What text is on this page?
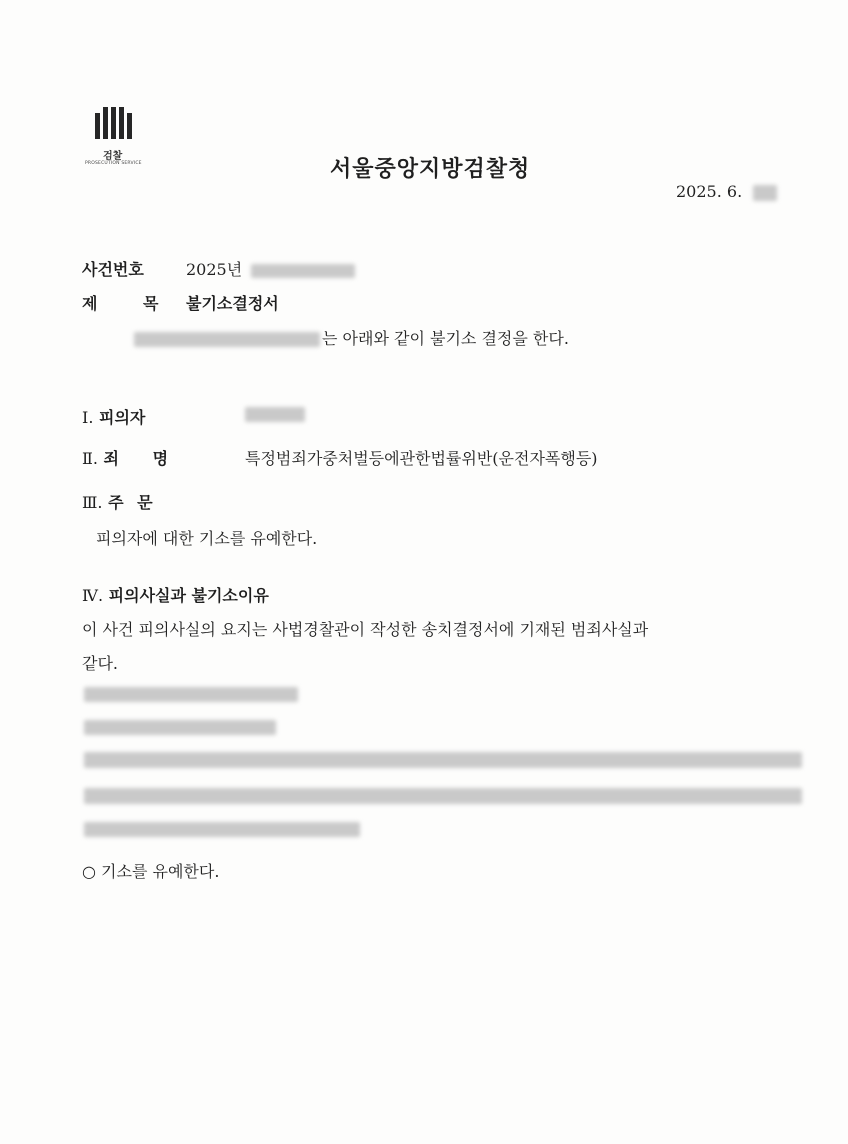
검찰
PROSECUTION SERVICE	서울중앙지방검찰청
2025. 6.
사건번호	2025년
제 목 불기소결정서
는 아래와 같이 불기소 결정을 한다.
Ⅰ. 피의자
Ⅱ. 죄 명	특정범죄가중처벌등에관한법률위반(운전자폭행등)
Ⅲ. 주 문
피의자에 대한 기소를 유예한다.
Ⅳ. 피의사실과 불기소이유
이 사건 피의사실의 요지는 사법경찰관이 작성한 송치결정서에 기재된 범죄사실과
같다.
○ 기소를 유예한다.
